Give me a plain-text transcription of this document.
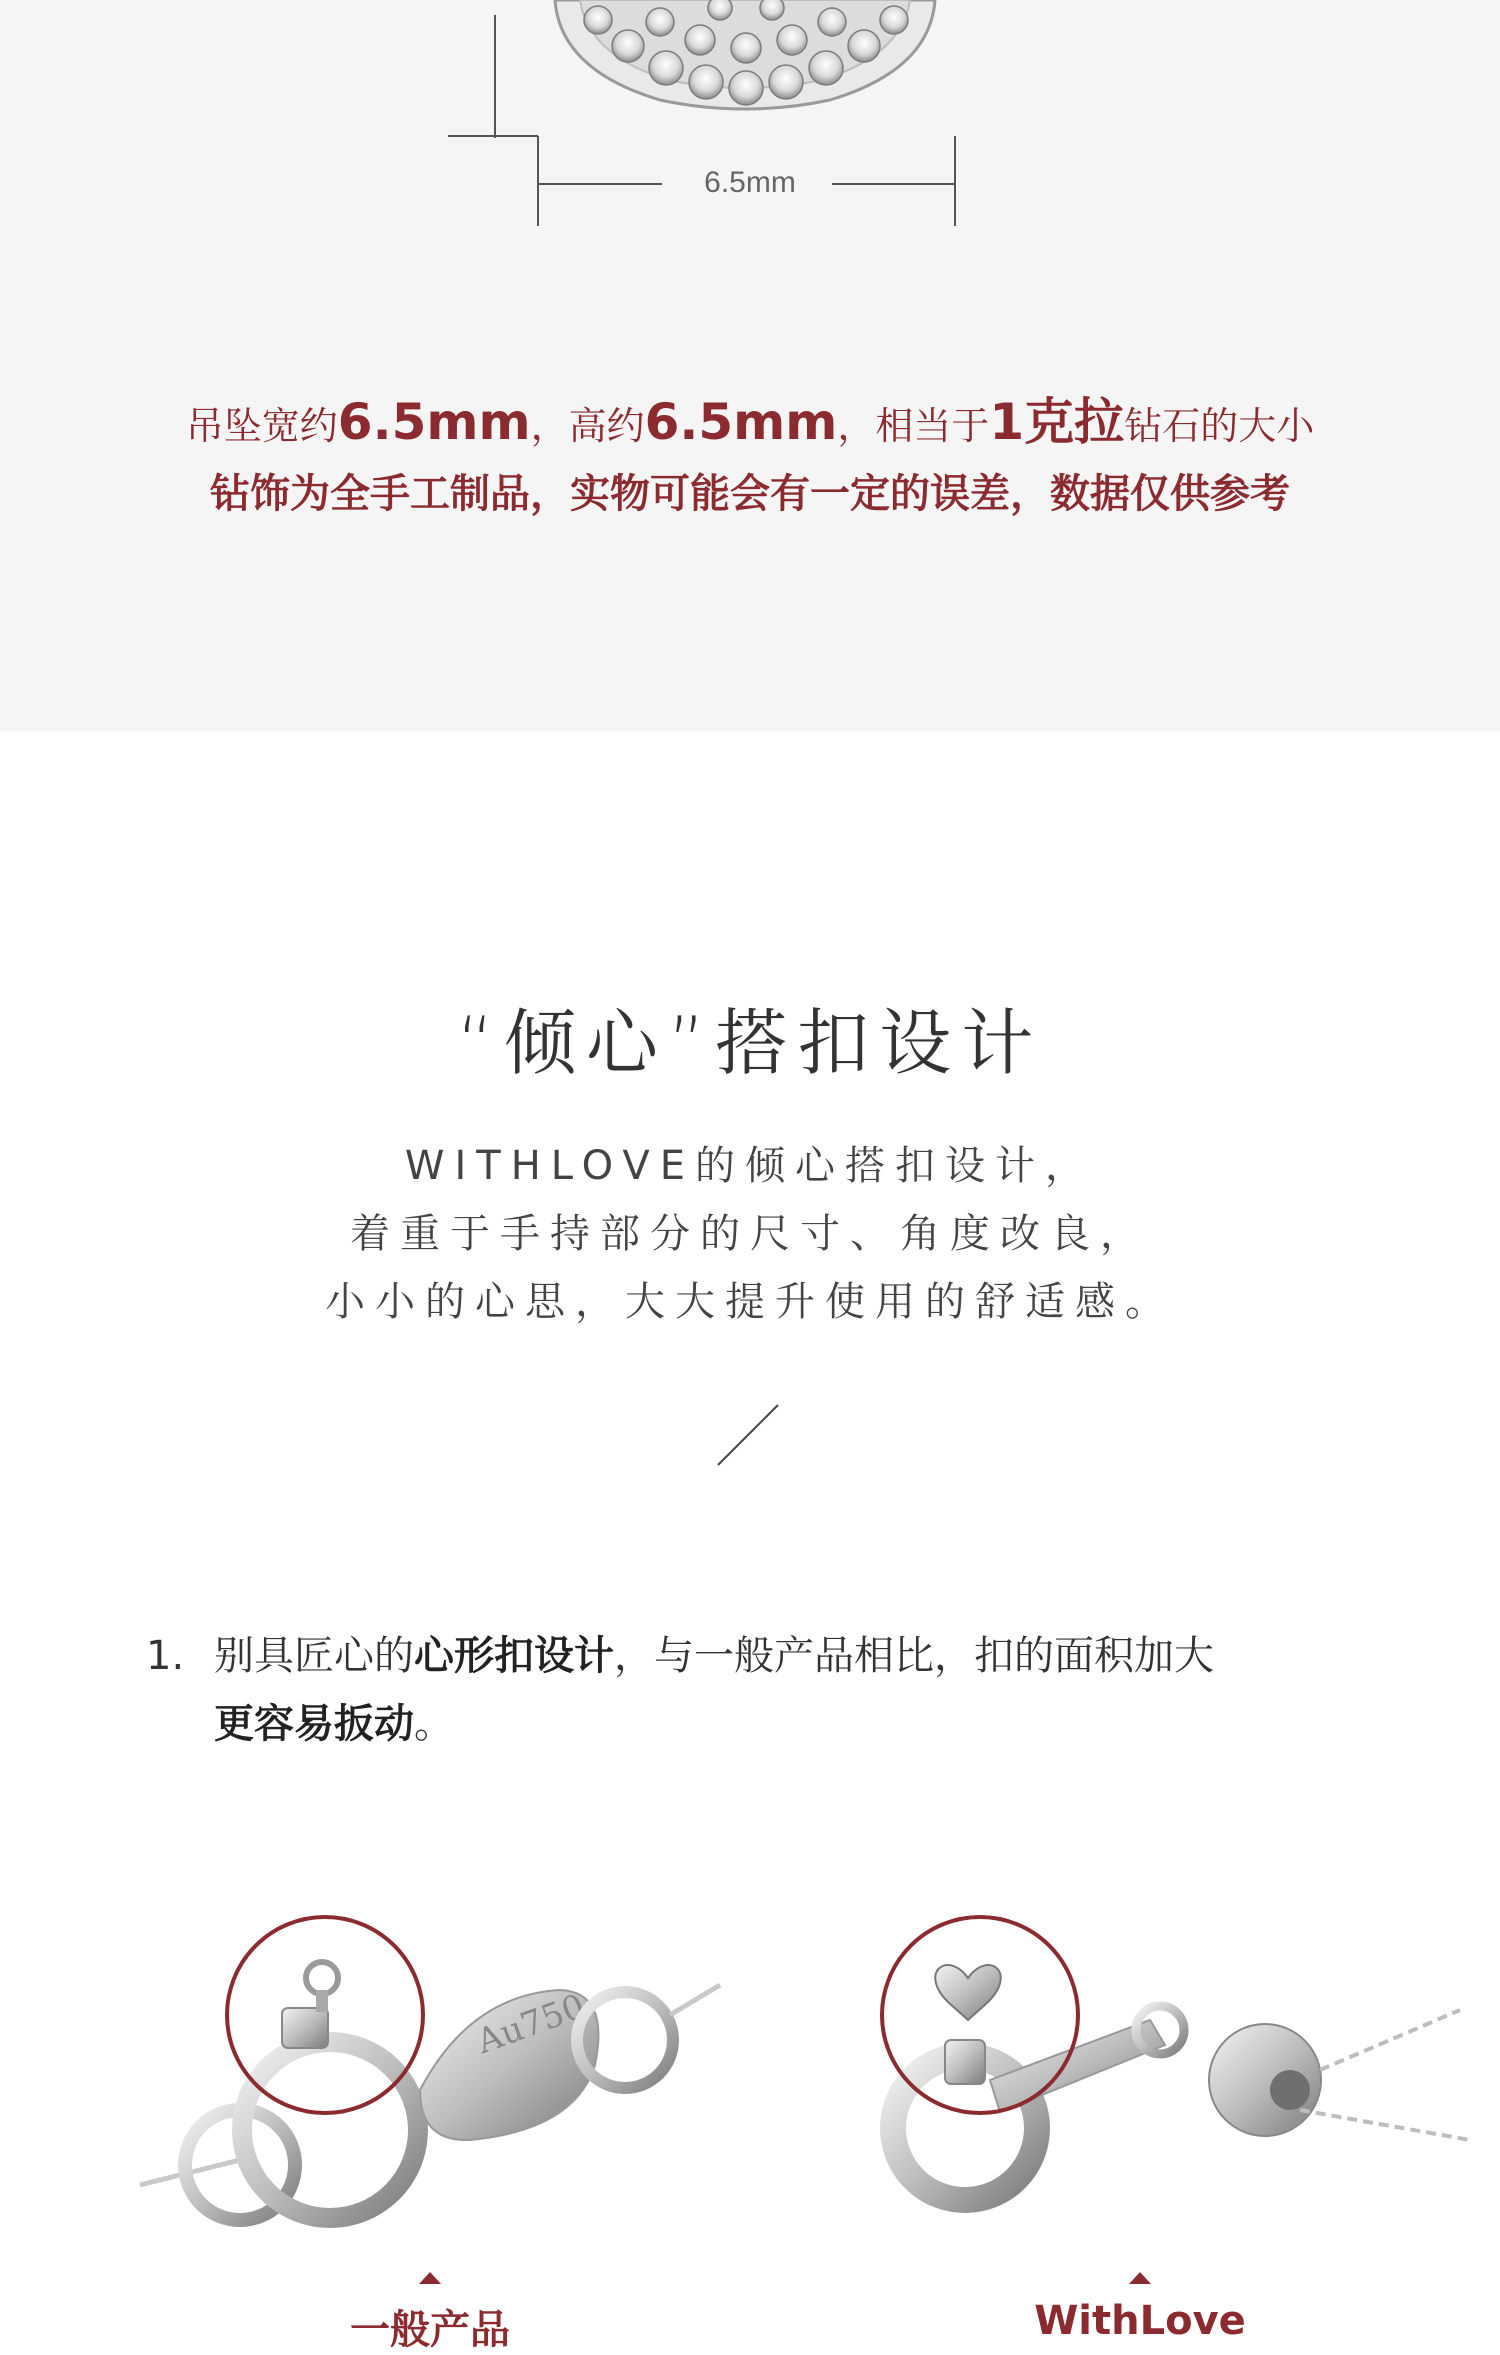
6.5mm
吊坠宽约6.5mm，高约6.5mm，相当于1克拉钻石的大小
钻饰为全手工制品，实物可能会有一定的误差，数据仅供参考
“倾心”搭扣设计
WITHLOVE的倾心搭扣设计，
着重于手持部分的尺寸、角度改良，
小小的心思，大大提升使用的舒适感。
1. 别具匠心的心形扣设计，与一般产品相比，扣的面积加大
更容易扳动。
Au750
一般产品	WithLove
